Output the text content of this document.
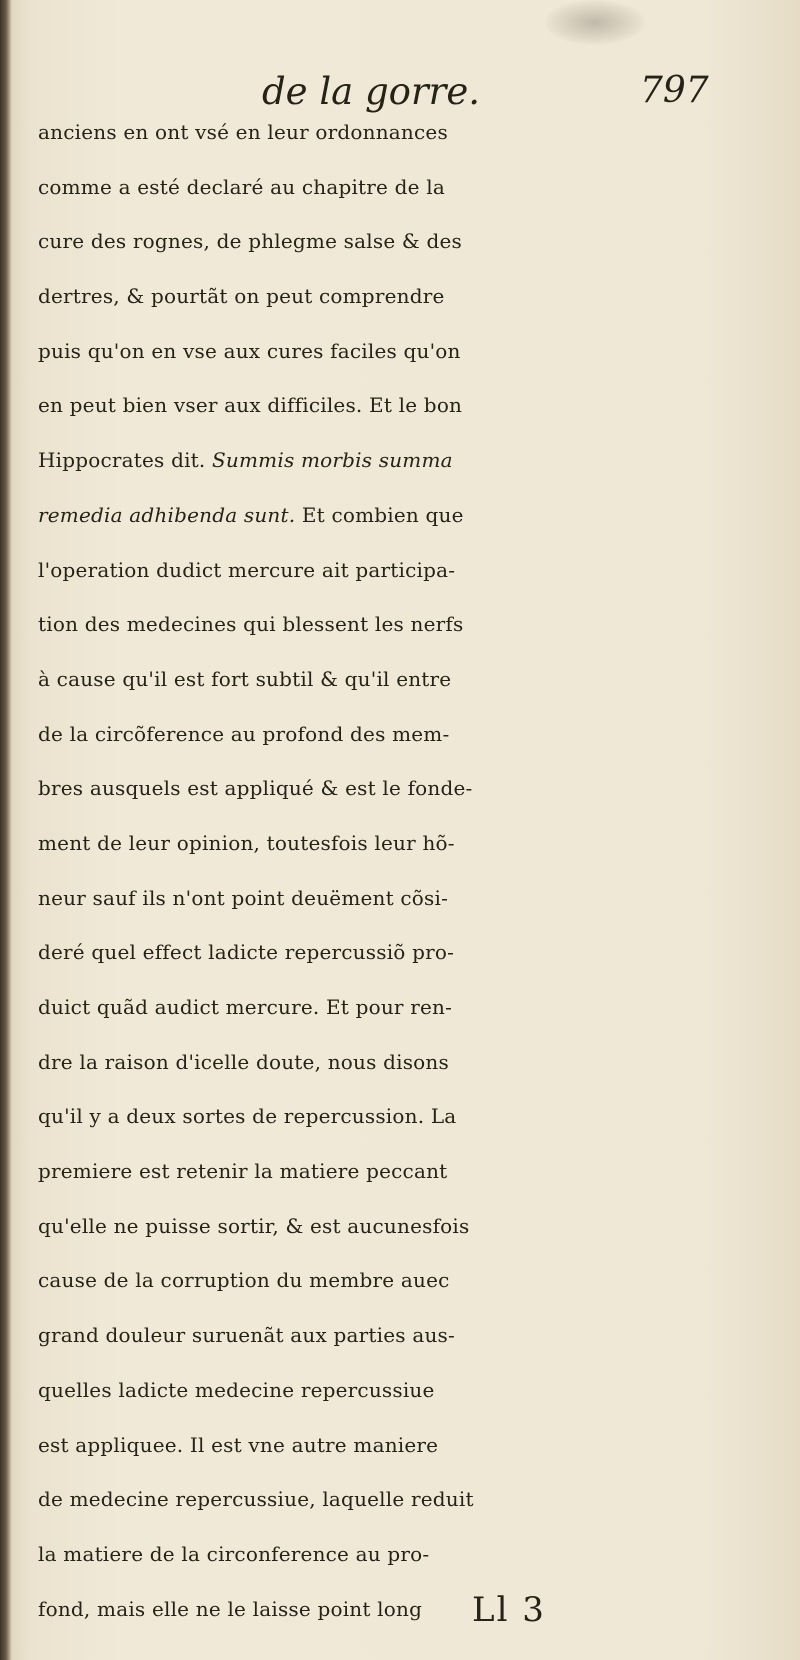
de la gorre.	797
anciens en ont vsé en leur ordonnances
comme a esté declaré au chapitre de la
cure des rognes, de phlegme salse & des
dertres, & pourtãt on peut comprendre
puis qu'on en vse aux cures faciles qu'on
en peut bien vser aux difficiles. Et le bon
Hippocrates dit. Summis morbis summa
remedia adhibenda sunt. Et combien que
l'operation dudict mercure ait participa-
tion des medecines qui blessent les nerfs
à cause qu'il est fort subtil & qu'il entre
de la circõference au profond des mem-
bres ausquels est appliqué & est le fonde-
ment de leur opinion, toutesfois leur hõ-
neur sauf ils n'ont point deuëment cõsi-
deré quel effect ladicte repercussiõ pro-
duict quãd audict mercure. Et pour ren-
dre la raison d'icelle doute, nous disons
qu'il y a deux sortes de repercussion. La
premiere est retenir la matiere peccant
qu'elle ne puisse sortir, & est aucunesfois
cause de la corruption du membre auec
grand douleur suruenãt aux parties aus-
quelles ladicte medecine repercussiue
est appliquee. Il est vne autre maniere
de medecine repercussiue, laquelle reduit
la matiere de la circonference au pro-
fond, mais elle ne le laisse point long	Ll 3
